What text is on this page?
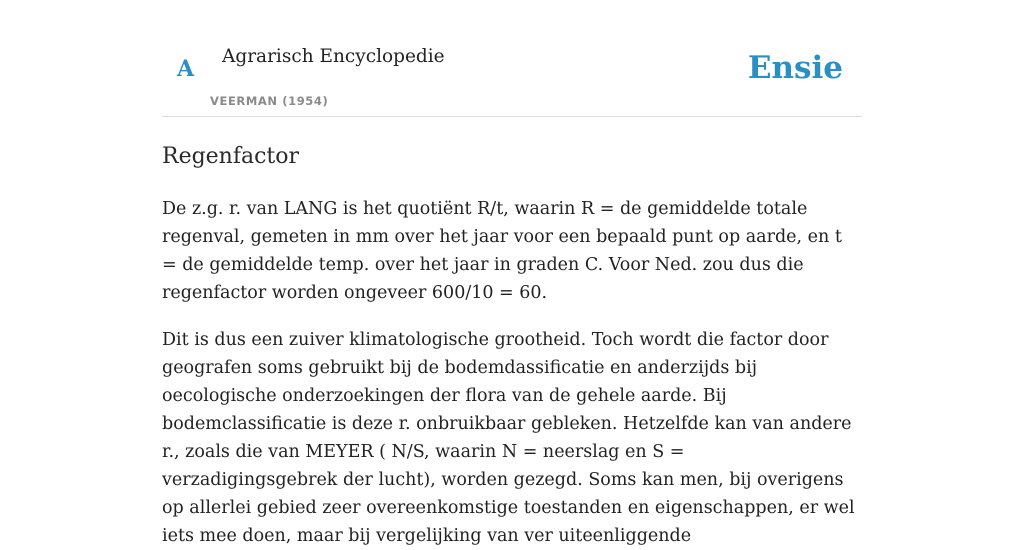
A Agrarisch Encyclopedie
VEERMAN (1954)
Ensie
Regenfactor

De z.g. r. van LANG is het quotiënt R/t, waarin R = de gemiddelde totale regenval, gemeten in mm over het jaar voor een bepaald punt op aarde, en t = de gemiddelde temp. over het jaar in graden C. Voor Ned. zou dus die regenfactor worden ongeveer 600/10 = 60.

Dit is dus een zuiver klimatologische grootheid. Toch wordt die factor door geografen soms gebruikt bij de bodemdassificatie en anderzijds bij oecologische onderzoekingen der flora van de gehele aarde. Bij bodemclassificatie is deze r. onbruikbaar gebleken. Hetzelfde kan van andere r., zoals die van MEYER ( N/S, waarin N = neerslag en S = verzadigingsgebrek der lucht), worden gezegd. Soms kan men, bij overigens op allerlei gebied zeer overeenkomstige toestanden en eigenschappen, er wel iets mee doen, maar bij vergelijking van ver uiteenliggende
